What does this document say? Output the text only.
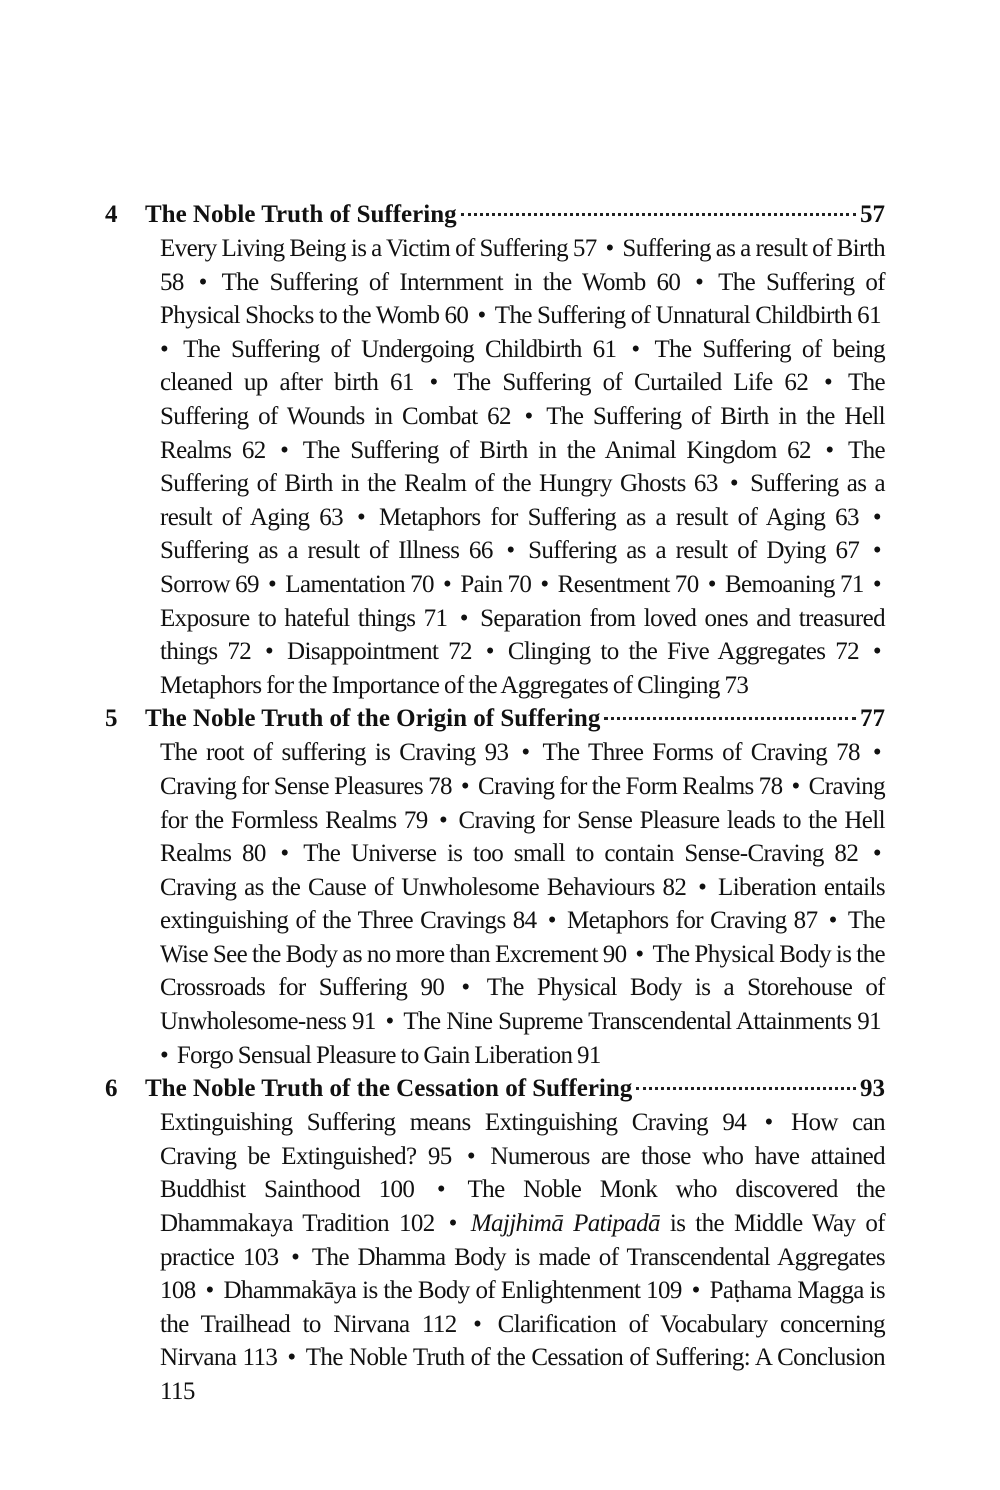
4	The Noble Truth of Suffering	57
Every Living Being is a Victim of Suffering 57 • Suffering as a result of Birth 58 • The Suffering of Internment in the Womb 60 • The Suffering of Physical Shocks to the Womb 60 • The Suffering of Unnatural Childbirth 61 • The Suffering of Undergoing Childbirth 61 • The Suffering of being cleaned up after birth 61 • The Suffering of Curtailed Life 62 • The Suffering of Wounds in Combat 62 • The Suffering of Birth in the Hell Realms 62 • The Suffering of Birth in the Animal Kingdom 62 • The Suffering of Birth in the Realm of the Hungry Ghosts 63 • Suffering as a result of Aging 63 • Metaphors for Suffering as a result of Aging 63 • Suffering as a result of Illness 66 • Suffering as a result of Dying 67 • Sorrow 69 • Lamentation 70 • Pain 70 • Resentment 70 • Bemoaning 71 • Exposure to hateful things 71 • Separation from loved ones and treasured things 72 • Disappointment 72 • Clinging to the Five Aggregates 72 • Metaphors for the Importance of the Aggregates of Clinging 73
5	The Noble Truth of the Origin of Suffering	77
The root of suffering is Craving 93 • The Three Forms of Craving 78 • Craving for Sense Pleasures 78 • Craving for the Form Realms 78 • Craving for the Formless Realms 79 • Craving for Sense Pleasure leads to the Hell Realms 80 • The Universe is too small to contain Sense-Craving 82 • Craving as the Cause of Unwholesome Behaviours 82 • Liberation entails extinguishing of the Three Cravings 84 • Metaphors for Craving 87 • The Wise See the Body as no more than Excrement 90 • The Physical Body is the Crossroads for Suffering 90 • The Physical Body is a Storehouse of Unwholesome-ness 91 • The Nine Supreme Transcendental Attainments 91 • Forgo Sensual Pleasure to Gain Liberation 91
6	The Noble Truth of the Cessation of Suffering	93
Extinguishing Suffering means Extinguishing Craving 94 • How can Craving be Extinguished? 95 • Numerous are those who have attained Buddhist Sainthood 100 • The Noble Monk who discovered the Dhammakaya Tradition 102 • Majjhimā Patipadā is the Middle Way of practice 103 • The Dhamma Body is made of Transcendental Aggregates 108 • Dhammakāya is the Body of Enlightenment 109 • Paṭhama Magga is the Trailhead to Nirvana 112 • Clarification of Vocabulary concerning Nirvana 113 • The Noble Truth of the Cessation of Suffering: A Conclusion 115
